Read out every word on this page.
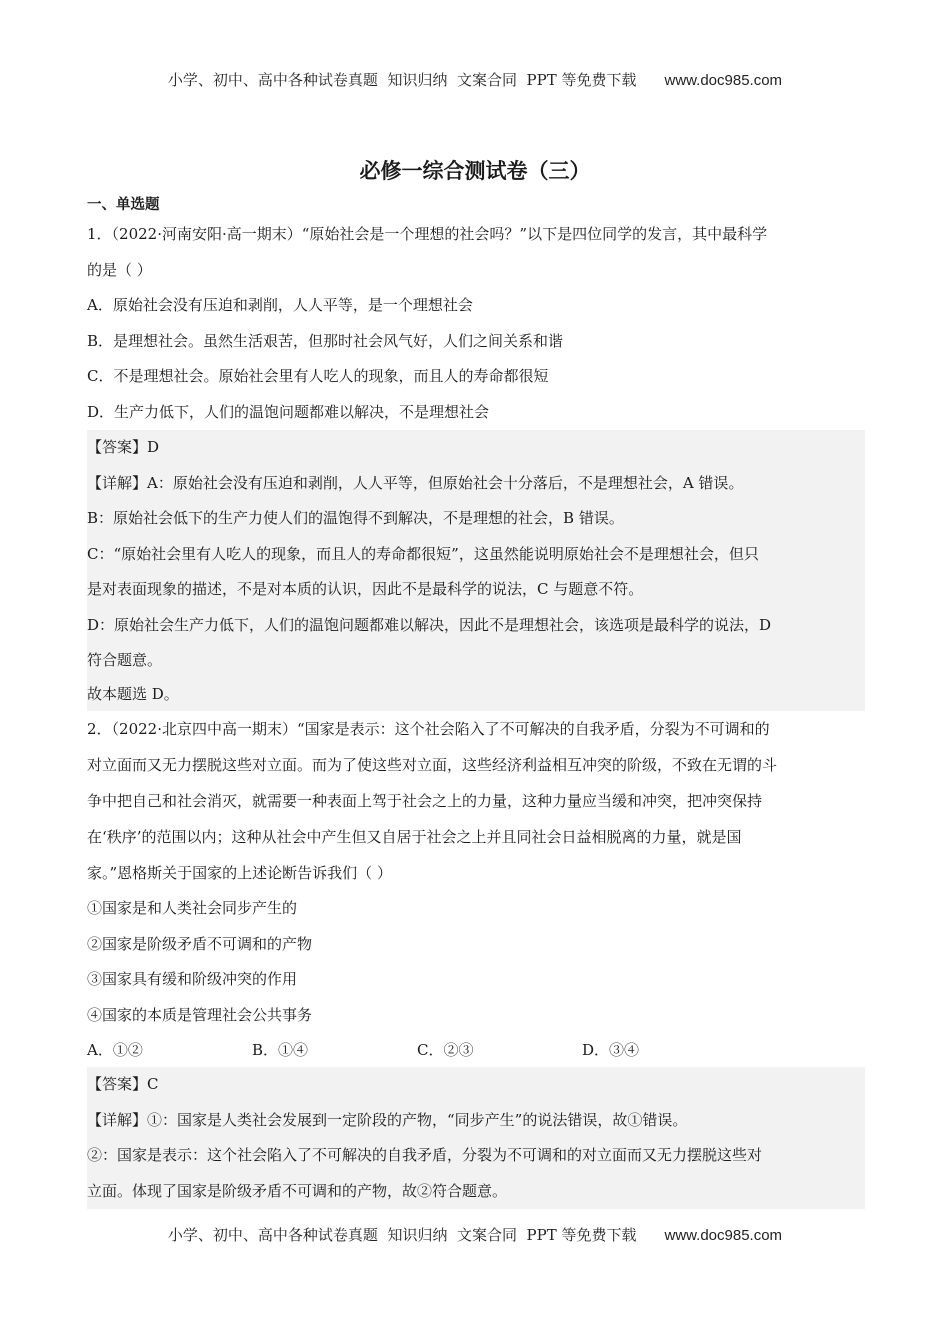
小学、初中、高中各种试卷真题  知识归纳  文案合同  PPT 等免费下载 www.doc985.com
必修一综合测试卷（三）
一、单选题

1．（2022·河南安阳·高一期末）“原始社会是一个理想的社会吗？”以下是四位同学的发言，其中最科学

的是（ ）

A．原始社会没有压迫和剥削，人人平等，是一个理想社会

B．是理想社会。虽然生活艰苦，但那时社会风气好，人们之间关系和谐

C．不是理想社会。原始社会里有人吃人的现象，而且人的寿命都很短

D．生产力低下，人们的温饱问题都难以解决，不是理想社会

【答案】D

【详解】A：原始社会没有压迫和剥削，人人平等，但原始社会十分落后，不是理想社会，A 错误。

B：原始社会低下的生产力使人们的温饱得不到解决，不是理想的社会，B 错误。

C：“原始社会里有人吃人的现象，而且人的寿命都很短”，这虽然能说明原始社会不是理想社会，但只

是对表面现象的描述，不是对本质的认识，因此不是最科学的说法，C 与题意不符。

D：原始社会生产力低下，人们的温饱问题都难以解决，因此不是理想社会，该选项是最科学的说法，D

符合题意。

故本题选 D。

2．（2022·北京四中高一期末）“国家是表示：这个社会陷入了不可解决的自我矛盾，分裂为不可调和的

对立面而又无力摆脱这些对立面。而为了使这些对立面，这些经济利益相互冲突的阶级，不致在无谓的斗

争中把自己和社会消灭，就需要一种表面上驾于社会之上的力量，这种力量应当缓和冲突，把冲突保持

在‘秩序’的范围以内；这种从社会中产生但又自居于社会之上并且同社会日益相脱离的力量，就是国

家。”恩格斯关于国家的上述论断告诉我们（ ）

①国家是和人类社会同步产生的

②国家是阶级矛盾不可调和的产物

③国家具有缓和阶级冲突的作用

④国家的本质是管理社会公共事务

A．①②	B．①④	C．②③	D．③④

【答案】C

【详解】①：国家是人类社会发展到一定阶段的产物，“同步产生”的说法错误，故①错误。

②：国家是表示：这个社会陷入了不可解决的自我矛盾，分裂为不可调和的对立面而又无力摆脱这些对

立面。体现了国家是阶级矛盾不可调和的产物，故②符合题意。

小学、初中、高中各种试卷真题  知识归纳  文案合同  PPT 等免费下载 www.doc985.com
